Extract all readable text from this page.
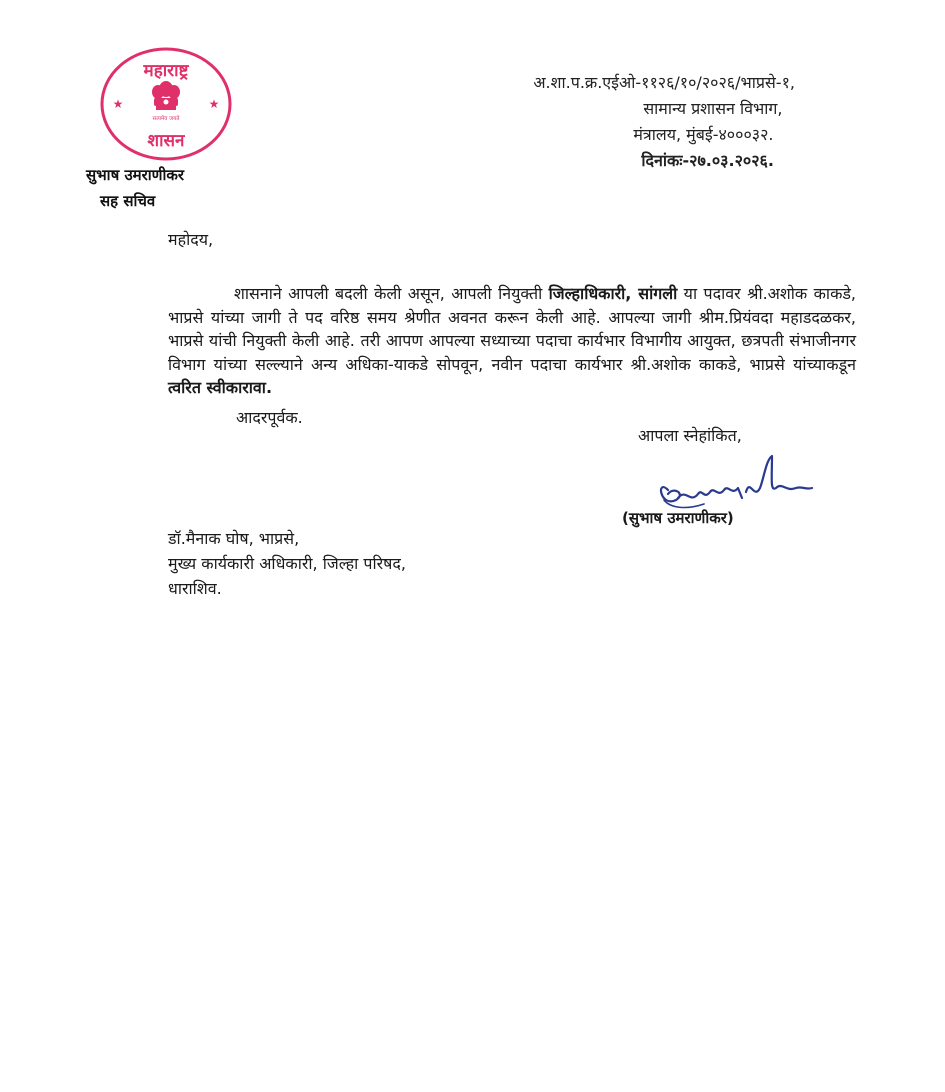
महाराष्ट्र
शासन
★	★
सत्यमेव जयते
अ.शा.प.क्र.एईओ-११२६/१०/२०२६/भाप्रसे-१,
सामान्य प्रशासन विभाग,
मंत्रालय, मुंबई-४०००३२.
दिनांकः-२७.०३.२०२६.
सुभाष उमराणीकर
सह सचिव
महोदय,

शासनाने आपली बदली केली असून, आपली नियुक्ती जिल्हाधिकारी, सांगली या पदावर श्री.अशोक काकडे, भाप्रसे यांच्या जागी ते पद वरिष्ठ समय श्रेणीत अवनत करून केली आहे. आपल्या जागी श्रीम.प्रियंवदा महाडदळकर, भाप्रसे यांची नियुक्ती केली आहे. तरी आपण आपल्या सध्याच्या पदाचा कार्यभार विभागीय आयुक्त, छत्रपती संभाजीनगर विभाग यांच्या सल्ल्याने अन्य अधिका-याकडे सोपवून, नवीन पदाचा कार्यभार श्री.अशोक काकडे, भाप्रसे यांच्याकडून त्वरित स्वीकारावा.

आदरपूर्वक.
आपला स्नेहांकित,
(सुभाष उमराणीकर)
डॉ.मैनाक घोष, भाप्रसे,
मुख्य कार्यकारी अधिकारी, जिल्हा परिषद,
धाराशिव.
